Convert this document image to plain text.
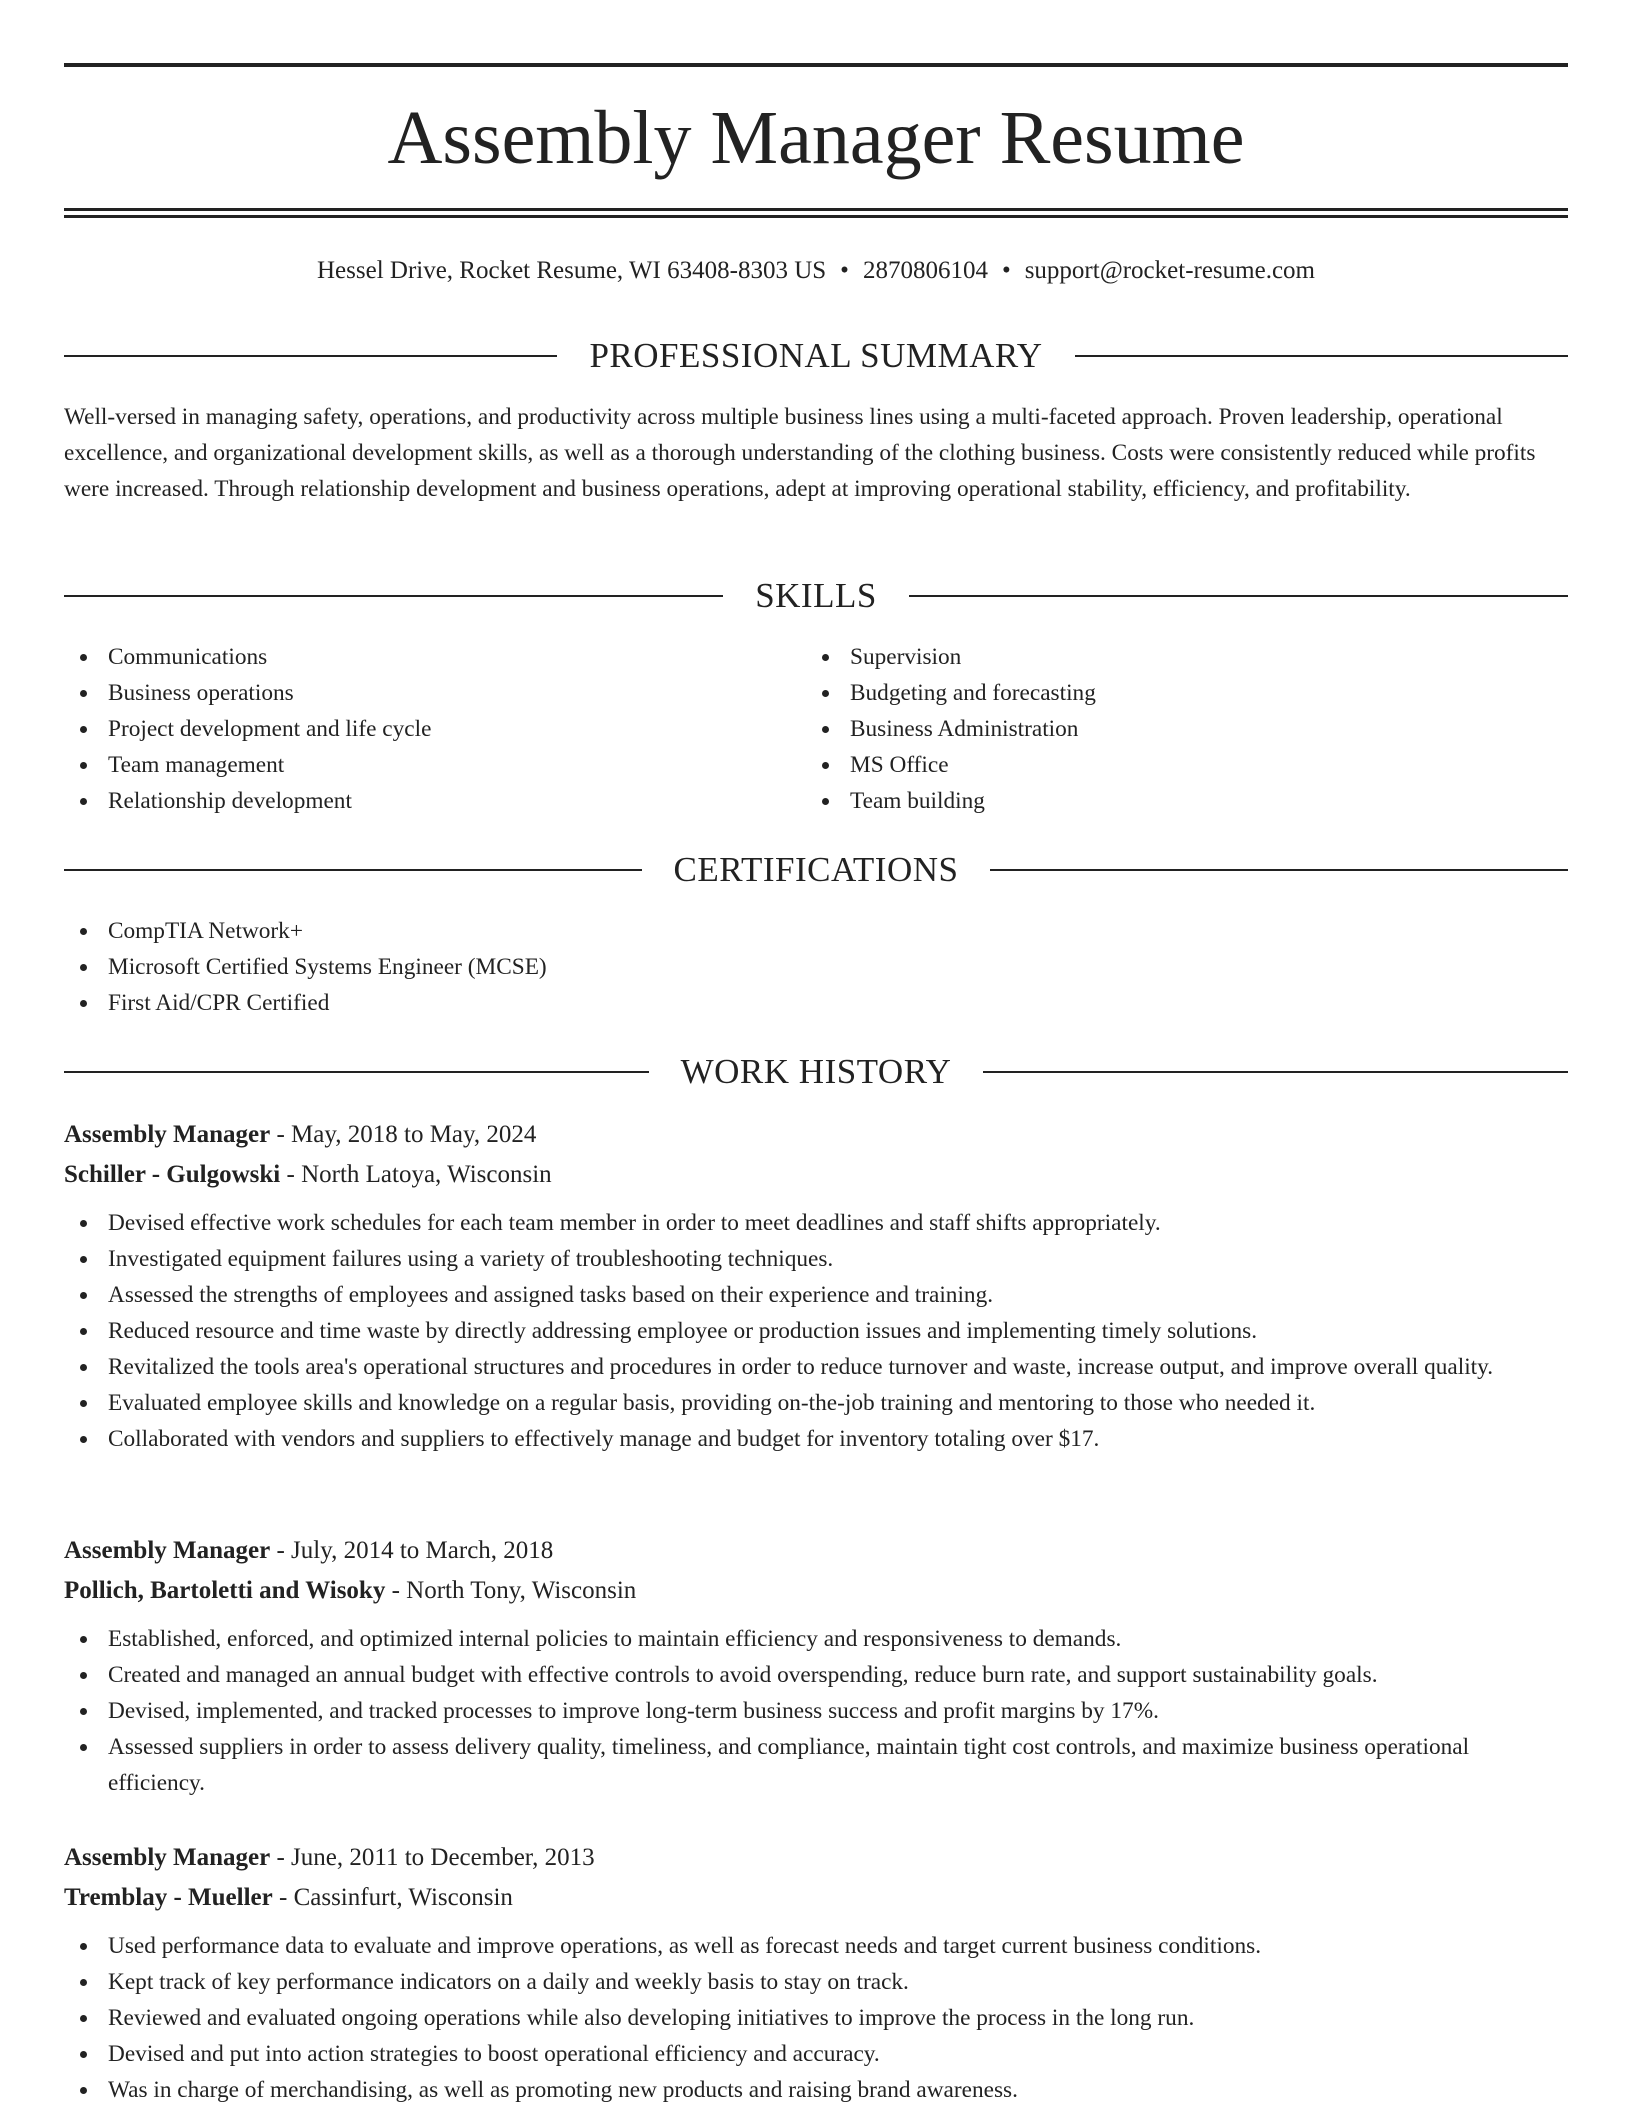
Assembly Manager Resume
Hessel Drive, Rocket Resume, WI 63408-8303 US • 2870806104 • support@rocket-resume.com
PROFESSIONAL SUMMARY

Well-versed in managing safety, operations, and productivity across multiple business lines using a multi-faceted approach. Proven leadership, operational excellence, and organizational development skills, as well as a thorough understanding of the clothing business. Costs were consistently reduced while profits were increased. Through relationship development and business operations, adept at improving operational stability, efficiency, and profitability.

SKILLS
Communications
Business operations
Project development and life cycle
Team management
Relationship development
Supervision
Budgeting and forecasting
Business Administration
MS Office
Team building
CERTIFICATIONS
CompTIA Network+
Microsoft Certified Systems Engineer (MCSE)
First Aid/CPR Certified
WORK HISTORY
Assembly Manager - May, 2018 to May, 2024
Schiller - Gulgowski - North Latoya, Wisconsin
Devised effective work schedules for each team member in order to meet deadlines and staff shifts appropriately.
Investigated equipment failures using a variety of troubleshooting techniques.
Assessed the strengths of employees and assigned tasks based on their experience and training.
Reduced resource and time waste by directly addressing employee or production issues and implementing timely solutions.
Revitalized the tools area's operational structures and procedures in order to reduce turnover and waste, increase output, and improve overall quality.
Evaluated employee skills and knowledge on a regular basis, providing on-the-job training and mentoring to those who needed it.
Collaborated with vendors and suppliers to effectively manage and budget for inventory totaling over $17.
Assembly Manager - July, 2014 to March, 2018
Pollich, Bartoletti and Wisoky - North Tony, Wisconsin
Established, enforced, and optimized internal policies to maintain efficiency and responsiveness to demands.
Created and managed an annual budget with effective controls to avoid overspending, reduce burn rate, and support sustainability goals.
Devised, implemented, and tracked processes to improve long-term business success and profit margins by 17%.
Assessed suppliers in order to assess delivery quality, timeliness, and compliance, maintain tight cost controls, and maximize business operational efficiency.
Assembly Manager - June, 2011 to December, 2013
Tremblay - Mueller - Cassinfurt, Wisconsin
Used performance data to evaluate and improve operations, as well as forecast needs and target current business conditions.
Kept track of key performance indicators on a daily and weekly basis to stay on track.
Reviewed and evaluated ongoing operations while also developing initiatives to improve the process in the long run.
Devised and put into action strategies to boost operational efficiency and accuracy.
Was in charge of merchandising, as well as promoting new products and raising brand awareness.
